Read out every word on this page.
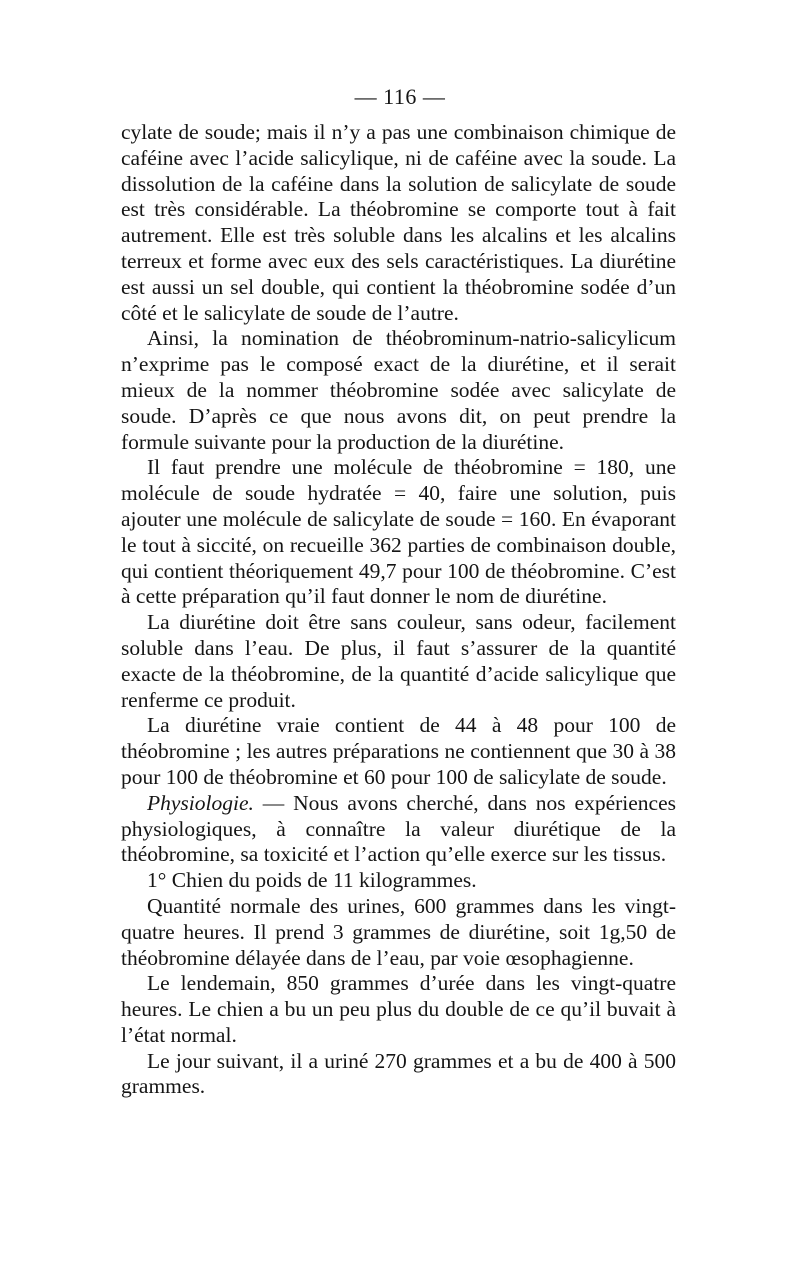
— 116 —

cylate de soude; mais il n’y a pas une combinaison chimique de caféine avec l’acide salicylique, ni de caféine avec la soude. La dissolution de la caféine dans la solution de salicylate de soude est très considérable. La théobromine se comporte tout à fait autrement. Elle est très soluble dans les alcalins et les alcalins terreux et forme avec eux des sels caractéristiques. La diurétine est aussi un sel double, qui contient la théobromine sodée d’un côté et le salicylate de soude de l’autre.

Ainsi, la nomination de théobrominum-natrio-salicylicum n’exprime pas le composé exact de la diurétine, et il serait mieux de la nommer théobromine sodée avec salicylate de soude. D’après ce que nous avons dit, on peut prendre la formule suivante pour la production de la diurétine.

Il faut prendre une molécule de théobromine = 180, une molécule de soude hydratée = 40, faire une solution, puis ajouter une molécule de salicylate de soude = 160. En évaporant le tout à siccité, on recueille 362 parties de combinaison double, qui contient théoriquement 49,7 pour 100 de théobromine. C’est à cette préparation qu’il faut donner le nom de diurétine.

La diurétine doit être sans couleur, sans odeur, facilement soluble dans l’eau. De plus, il faut s’assurer de la quantité exacte de la théobromine, de la quantité d’acide salicylique que renferme ce produit.

La diurétine vraie contient de 44 à 48 pour 100 de théobromine ; les autres préparations ne contiennent que 30 à 38 pour 100 de théobromine et 60 pour 100 de salicylate de soude.

Physiologie. — Nous avons cherché, dans nos expériences physiologiques, à connaître la valeur diurétique de la théobromine, sa toxicité et l’action qu’elle exerce sur les tissus.

1° Chien du poids de 11 kilogrammes.

Quantité normale des urines, 600 grammes dans les vingt-quatre heures. Il prend 3 grammes de diurétine, soit 1g,50 de théobromine délayée dans de l’eau, par voie œsophagienne.

Le lendemain, 850 grammes d’urée dans les vingt-quatre heures. Le chien a bu un peu plus du double de ce qu’il buvait à l’état normal.

Le jour suivant, il a uriné 270 grammes et a bu de 400 à 500 grammes.
